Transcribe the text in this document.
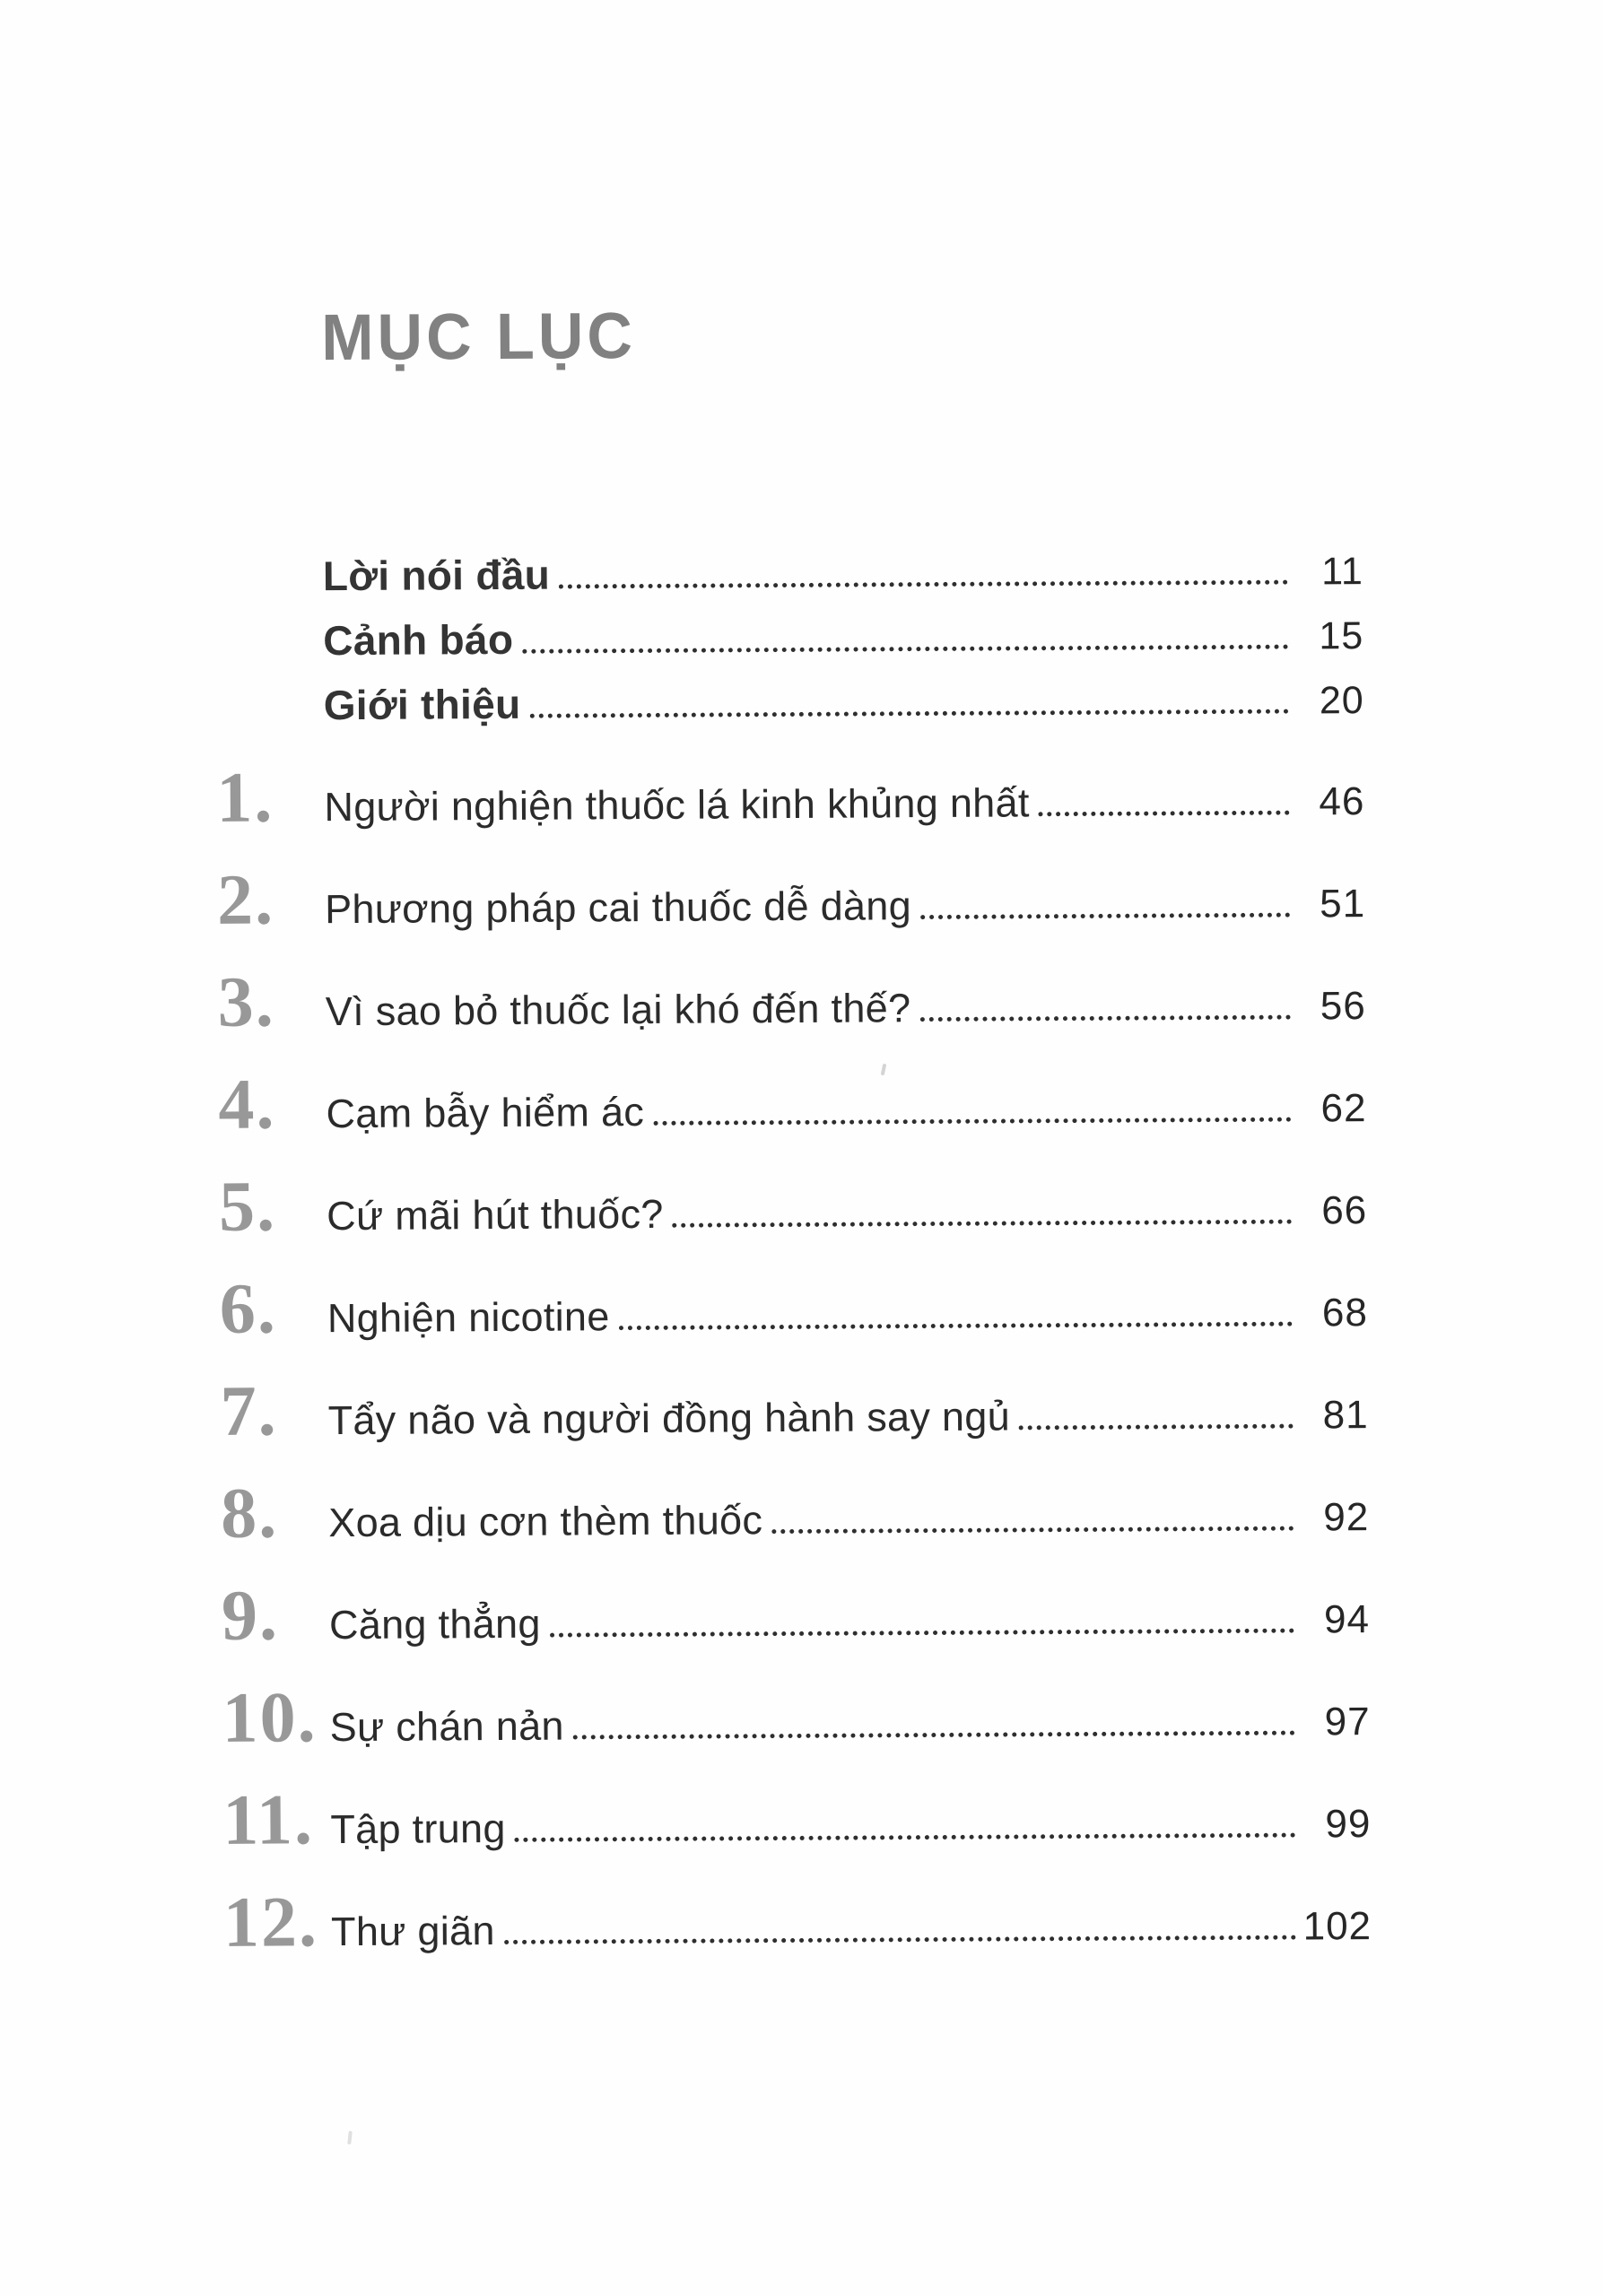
MỤC LỤC
Lời nói đầu	11
Cảnh báo	15
Giới thiệu	20
1.	Người nghiện thuốc lá kinh khủng nhất	46
2.	Phương pháp cai thuốc dễ dàng	51
3.	Vì sao bỏ thuốc lại khó đến thế?	56
4.	Cạm bẫy hiểm ác	62
5.	Cứ mãi hút thuốc?	66
6.	Nghiện nicotine	68
7.	Tẩy não và người đồng hành say ngủ	81
8.	Xoa dịu cơn thèm thuốc	92
9.	Căng thẳng	94
10. Sự chán nản	97
11. Tập trung	99
12. Thư giãn	102
